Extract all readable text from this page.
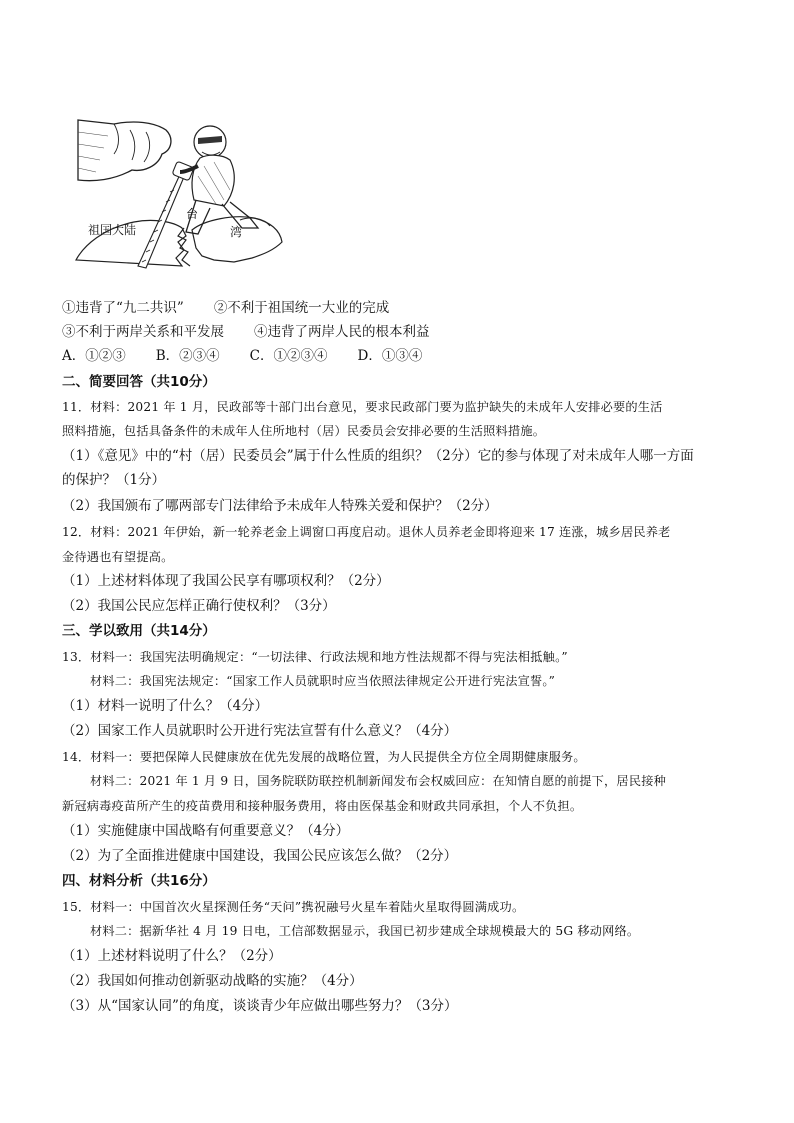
祖国大陆
台
湾
①违背了“九二共识” ②不利于祖国统一大业的完成
③不利于两岸关系和平发展 ④违背了两岸人民的根本利益
A．①②③ B．②③④ C．①②③④ D．①③④
二、简要回答（共10分）
11．材料：2021 年 1 月，民政部等十部门出台意见，要求民政部门要为监护缺失的未成年人安排必要的生活
照料措施，包括具备条件的未成年人住所地村（居）民委员会安排必要的生活照料措施。
（1）《意见》中的“村（居）民委员会”属于什么性质的组织？（2分）它的参与体现了对未成年人哪一方面
的保护？（1分）
（2）我国颁布了哪两部专门法律给予未成年人特殊关爱和保护？（2分）
12．材料：2021 年伊始，新一轮养老金上调窗口再度启动。退休人员养老金即将迎来 17 连涨，城乡居民养老
金待遇也有望提高。
（1）上述材料体现了我国公民享有哪项权利？（2分）
（2）我国公民应怎样正确行使权利？（3分）
三、学以致用（共14分）
13．材料一：我国宪法明确规定：“一切法律、行政法规和地方性法规都不得与宪法相抵触。”
材料二：我国宪法规定：“国家工作人员就职时应当依照法律规定公开进行宪法宣誓。”
（1）材料一说明了什么？（4分）
（2）国家工作人员就职时公开进行宪法宣誓有什么意义？（4分）
14．材料一：要把保障人民健康放在优先发展的战略位置，为人民提供全方位全周期健康服务。
材料二：2021 年 1 月 9 日，国务院联防联控机制新闻发布会权威回应：在知情自愿的前提下，居民接种
新冠病毒疫苗所产生的疫苗费用和接种服务费用，将由医保基金和财政共同承担，个人不负担。
（1）实施健康中国战略有何重要意义？（4分）
（2）为了全面推进健康中国建设，我国公民应该怎么做？（2分）
四、材料分析（共16分）
15．材料一：中国首次火星探测任务“天问”携祝融号火星车着陆火星取得圆满成功。
材料二：据新华社 4 月 19 日电，工信部数据显示，我国已初步建成全球规模最大的 5G 移动网络。
（1）上述材料说明了什么？（2分）
（2）我国如何推动创新驱动战略的实施？（4分）
（3）从“国家认同”的角度，谈谈青少年应做出哪些努力？（3分）
